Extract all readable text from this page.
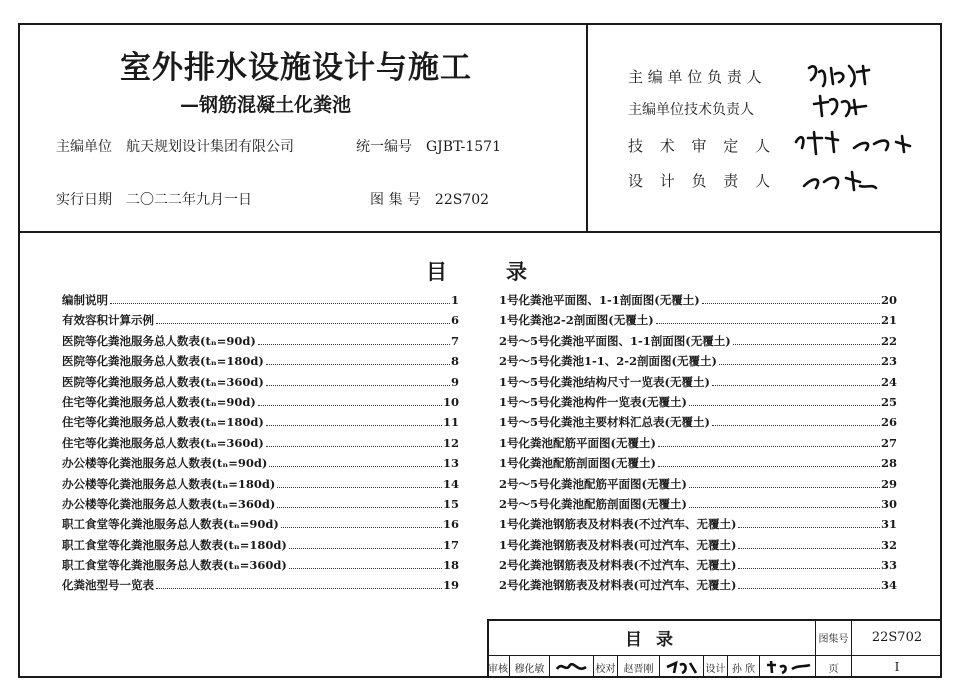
室外排水设施设计与施工
—钢筋混凝土化粪池
主编单位 航天规划设计集团有限公司	统一编号 GJBT-1571
实行日期 二〇二二年九月一日	图 集 号 22S702
主 编 单 位 负 责 人
主编单位技术负责人
技 术 审 定 人
设 计 负 责 人
目	录
编制说明	1
有效容积计算示例	6
医院等化粪池服务总人数表(tₙ=90d)	7
医院等化粪池服务总人数表(tₙ=180d)	8
医院等化粪池服务总人数表(tₙ=360d)	9
住宅等化粪池服务总人数表(tₙ=90d)	10
住宅等化粪池服务总人数表(tₙ=180d)	11
住宅等化粪池服务总人数表(tₙ=360d)	12
办公楼等化粪池服务总人数表(tₙ=90d)	13
办公楼等化粪池服务总人数表(tₙ=180d)	14
办公楼等化粪池服务总人数表(tₙ=360d)	15
职工食堂等化粪池服务总人数表(tₙ=90d)	16
职工食堂等化粪池服务总人数表(tₙ=180d)	17
职工食堂等化粪池服务总人数表(tₙ=360d)	18
化粪池型号一览表	19
1号化粪池平面图、1-1剖面图(无覆土)	20
1号化粪池2-2剖面图(无覆土)	21
2号～5号化粪池平面图、1-1剖面图(无覆土)	22
2号～5号化粪池1-1、2-2剖面图(无覆土)	23
1号～5号化粪池结构尺寸一览表(无覆土)	24
1号～5号化粪池构件一览表(无覆土)	25
1号～5号化粪池主要材料汇总表(无覆土)	26
1号化粪池配筋平面图(无覆土)	27
1号化粪池配筋剖面图(无覆土)	28
2号～5号化粪池配筋平面图(无覆土)	29
2号～5号化粪池配筋剖面图(无覆土)	30
1号化粪池钢筋表及材料表(不过汽车、无覆土)	31
1号化粪池钢筋表及材料表(可过汽车、无覆土)	32
2号化粪池钢筋表及材料表(不过汽车、无覆土)	33
2号化粪池钢筋表及材料表(可过汽车、无覆土)	34
目 录	图集号	22S702
审核 穆化敏	校对 赵晋刚	设计 孙 欣	页	I
